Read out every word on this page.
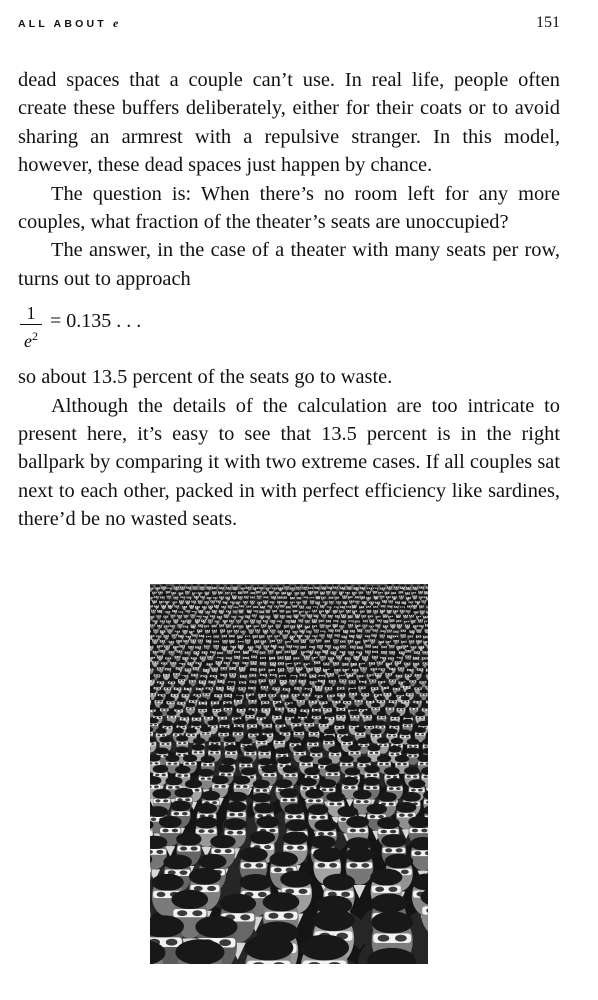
ALL ABOUT e	151

dead spaces that a couple can’t use. In real life, people often create these buffers deliberately, either for their coats or to avoid sharing an armrest with a repulsive stranger. In this model, however, these dead spaces just happen by chance.

The question is: When there’s no room left for any more couples, what fraction of the theater’s seats are unoccupied?

The answer, in the case of a theater with many seats per row, turns out to approach

1
$e^2$
= 0.135 . . .

so about 13.5 percent of the seats go to waste.

Although the details of the calculation are too intricate to present here, it’s easy to see that 13.5 percent is in the right ballpark by comparing it with two extreme cases. If all couples sat next to each other, packed in with perfect efficiency like sardines, there’d be no wasted seats.
